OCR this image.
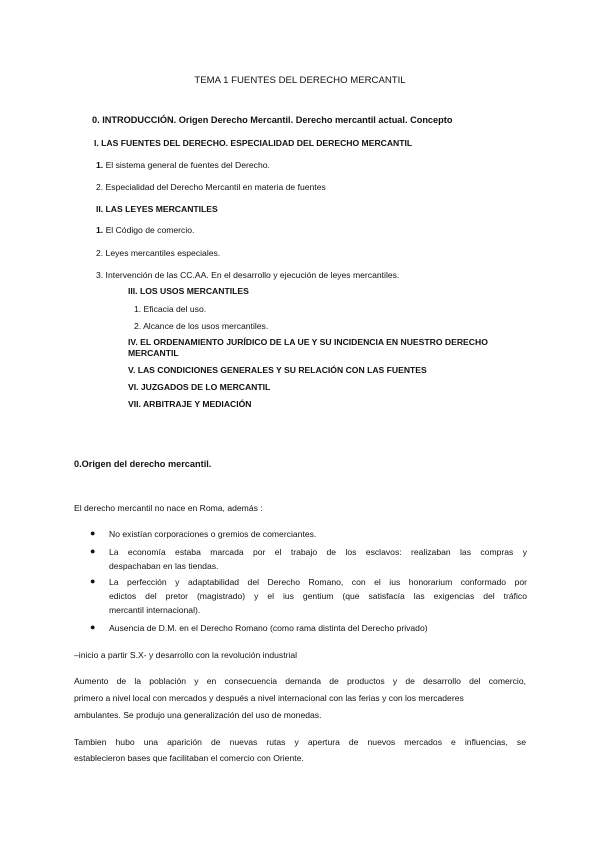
TEMA 1 FUENTES DEL DERECHO MERCANTIL
0. INTRODUCCIÓN. Origen Derecho Mercantil. Derecho mercantil actual. Concepto
I. LAS FUENTES DEL DERECHO. ESPECIALIDAD DEL DERECHO MERCANTIL
1. El sistema general de fuentes del Derecho.
2. Especialidad del Derecho Mercantil en materia de fuentes
II. LAS LEYES MERCANTILES
1. El Código de comercio.
2. Leyes mercantiles especiales.
3. Intervención de las CC.AA. En el desarrollo y ejecución de leyes mercantiles.
III. LOS USOS MERCANTILES
1. Eficacia del uso.
2. Alcance de los usos mercantiles.
IV. EL ORDENAMIENTO JURÍDICO DE LA UE Y SU INCIDENCIA EN NUESTRO DERECHO
MERCANTIL
V. LAS CONDICIONES GENERALES Y SU RELACIÓN CON LAS FUENTES
VI. JUZGADOS DE LO MERCANTIL
VII. ARBITRAJE Y MEDIACIÓN
0.Origen del derecho mercantil.
El derecho mercantil no nace en Roma, además :
● No existían corporaciones o gremios de comerciantes.
● La economía estaba marcada por el trabajo de los esclavos: realizaban las compras y
despachaban en las tiendas.
● La perfección y adaptabilidad del Derecho Romano, con el ius honorarium conformado por
edictos del pretor (magistrado) y el ius gentium (que satisfacía las exigencias del tráfico
mercantil internacional).
● Ausencia de D.M. en el Derecho Romano (como rama distinta del Derecho privado)
–inicio a partir S.X- y desarrollo con la revolución industrial
Aumento de la población y en consecuencia demanda de productos y de desarrollo del comercio,
primero a nivel local con mercados y después a nivel internacional con las ferias y con los mercaderes
ambulantes. Se produjo una generalización del uso de monedas.
Tambien hubo una aparición de nuevas rutas y apertura de nuevos mercados e influencias, se
establecieron bases que facilitaban el comercio con Oriente.
